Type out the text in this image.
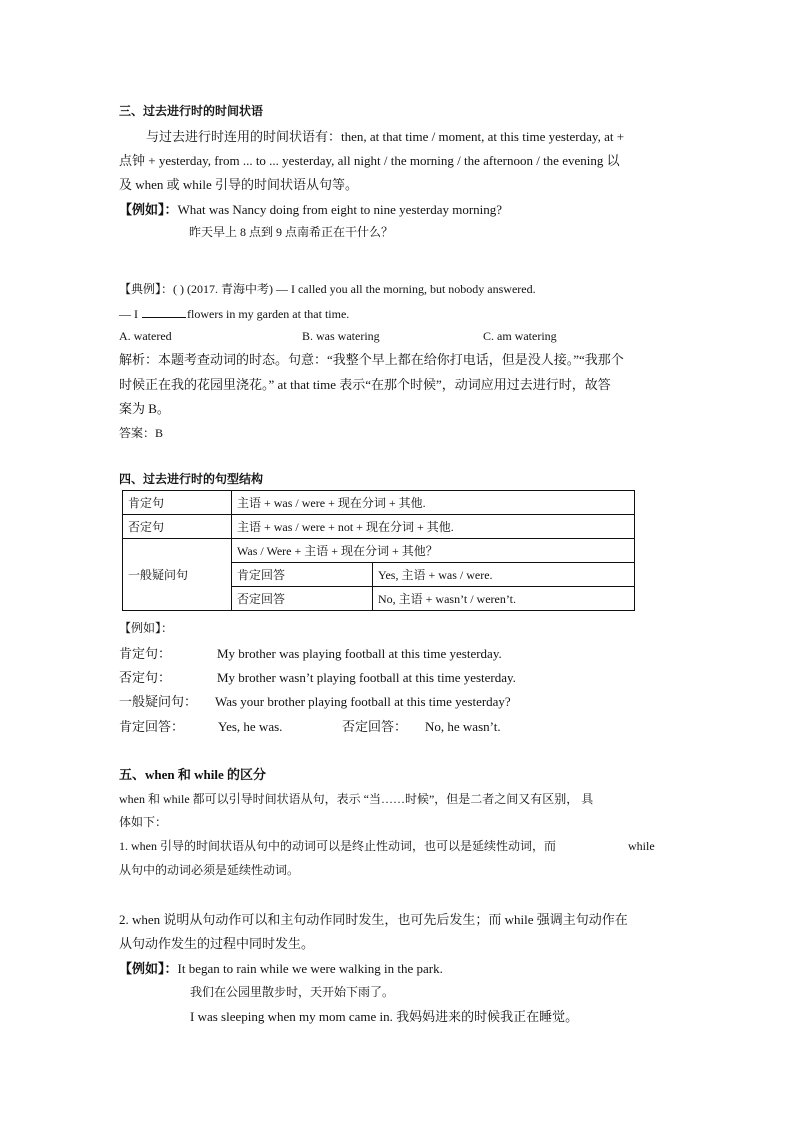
三、过去进行时的时间状语
与过去进行时连用的时间状语有：then, at that time / moment, at this time yesterday, at +
点钟 + yesterday, from ... to ... yesterday, all night / the morning / the afternoon / the evening 以
及 when 或 while 引导的时间状语从句等。
【例如】：What was Nancy doing from eight to nine yesterday morning?
昨天早上 8 点到 9 点南希正在干什么？
【典例】：( ) (2017. 青海中考) — I called you all the morning, but nobody answered.
— I	flowers in my garden at that time.
A. watered	B. was watering	C. am watering
解析：本题考查动词的时态。句意：“我整个早上都在给你打电话，但是没人接。”“我那个
时候正在我的花园里浇花。” at that time 表示“在那个时候”，动词应用过去进行时，故答
案为 B。
答案：B
四、过去进行时的句型结构
肯定句	主语 + was / were + 现在分词 + 其他.	
否定句	主语 + was / were + not + 现在分词 + 其他.	
一般疑问句	Was / Were + 主语 + 现在分词 + 其他？	
	肯定回答	Yes, 主语 + was / were.
	否定回答	No, 主语 + wasn’t / weren’t.
【例如】：
肯定句：	My brother was playing football at this time yesterday.
否定句：	My brother wasn’t playing football at this time yesterday.
一般疑问句： Was your brother playing football at this time yesterday?
肯定回答：	Yes, he was.	否定回答： No, he wasn’t.
五、when 和 while 的区分
when 和 while 都可以引导时间状语从句，表示 “当……时候”，但是二者之间又有区别， 具
体如下：
1. when 引导的时间状语从句中的动词可以是终止性动词，也可以是延续性动词，而	while
从句中的动词必须是延续性动词。
2. when 说明从句动作可以和主句动作同时发生，也可先后发生；而 while 强调主句动作在
从句动作发生的过程中同时发生。
【例如】：It began to rain while we were walking in the park.
我们在公园里散步时，天开始下雨了。
I was sleeping when my mom came in. 我妈妈进来的时候我正在睡觉。
